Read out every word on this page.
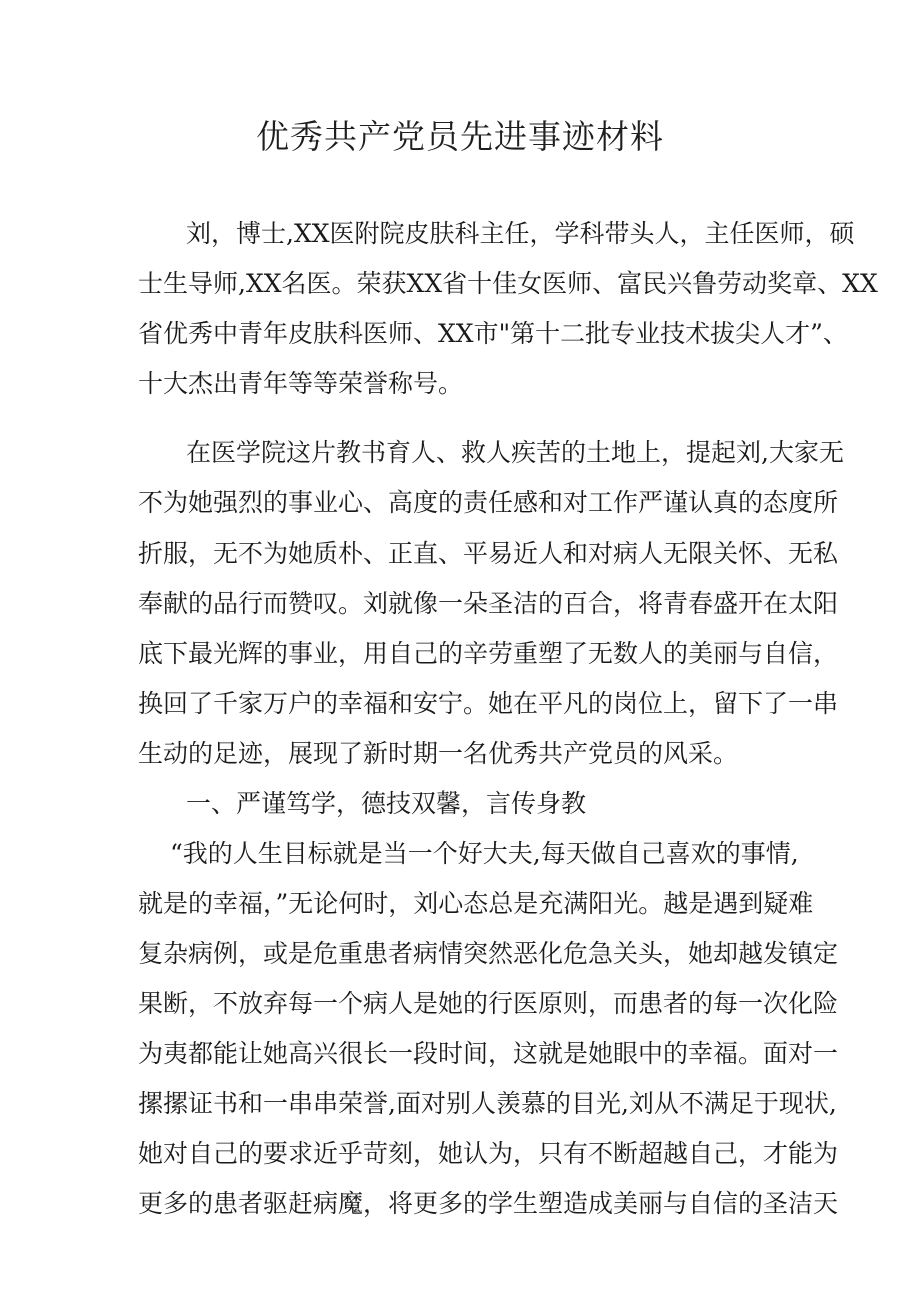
优秀共产党员先进事迹材料
刘，博士,XX医附院皮肤科主任，学科带头人，主任医师，硕
士生导师,XX名医。荣获XX省十佳女医师、富民兴鲁劳动奖章、XX
省优秀中青年皮肤科医师、XX市"第十二批专业技术拔尖人才”、
十大杰出青年等等荣誉称号。
在医学院这片教书育人、救人疾苦的土地上，提起刘,大家无
不为她强烈的事业心、高度的责任感和对工作严谨认真的态度所
折服，无不为她质朴、正直、平易近人和对病人无限关怀、无私
奉献的品行而赞叹。刘就像一朵圣洁的百合，将青春盛开在太阳
底下最光辉的事业，用自己的辛劳重塑了无数人的美丽与自信，
换回了千家万户的幸福和安宁。她在平凡的岗位上，留下了一串
生动的足迹，展现了新时期一名优秀共产党员的风采。
一、严谨笃学，德技双馨，言传身教
“我的人生目标就是当一个好大夫,每天做自己喜欢的事情,
就是的幸福，”无论何时，刘心态总是充满阳光。越是遇到疑难
复杂病例，或是危重患者病情突然恶化危急关头，她却越发镇定
果断，不放弃每一个病人是她的行医原则，而患者的每一次化险
为夷都能让她高兴很长一段时间，这就是她眼中的幸福。面对一
摞摞证书和一串串荣誉,面对别人羡慕的目光,刘从不满足于现状,
她对自己的要求近乎苛刻，她认为，只有不断超越自己，才能为
更多的患者驱赶病魔，将更多的学生塑造成美丽与自信的圣洁天
